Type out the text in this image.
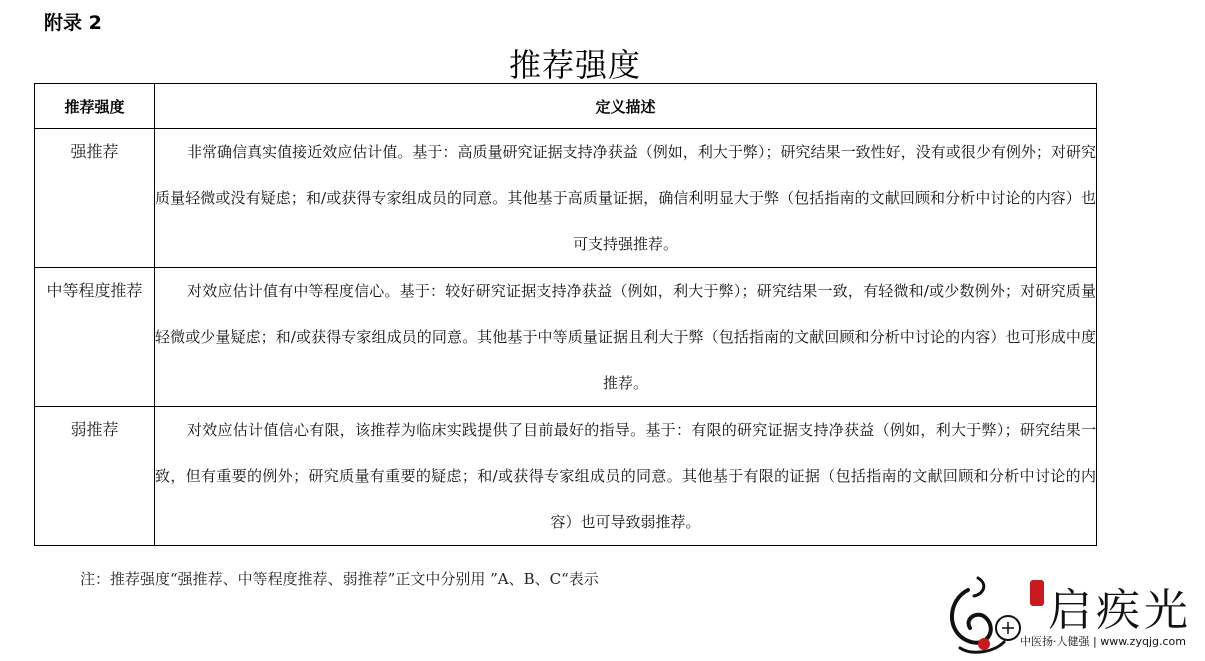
附录 2
推荐强度
推荐强度	定义描述
强推荐	非常确信真实值接近效应估计值。基于：高质量研究证据支持净获益（例如，利大于弊）；研究结果一致性好，没有或很少有例外；对研究质量轻微或没有疑虑；和/或获得专家组成员的同意。其他基于高质量证据，确信利明显大于弊（包括指南的文献回顾和分析中讨论的内容）也可支持强推荐。
中等程度推荐	对效应估计值有中等程度信心。基于：较好研究证据支持净获益（例如，利大于弊）；研究结果一致，有轻微和/或少数例外；对研究质量轻微或少量疑虑；和/或获得专家组成员的同意。其他基于中等质量证据且利大于弊（包括指南的文献回顾和分析中讨论的内容）也可形成中度推荐。
弱推荐	对效应估计值信心有限，该推荐为临床实践提供了目前最好的指导。基于：有限的研究证据支持净获益（例如，利大于弊）；研究结果一致，但有重要的例外；研究质量有重要的疑虑；和/或获得专家组成员的同意。其他基于有限的证据（包括指南的文献回顾和分析中讨论的内容）也可导致弱推荐。
注：推荐强度“强推荐、中等程度推荐、弱推荐”正文中分别用 ”A、B、C“表示
启疾光
中医扬·人健强 | www.zyqjg.com
